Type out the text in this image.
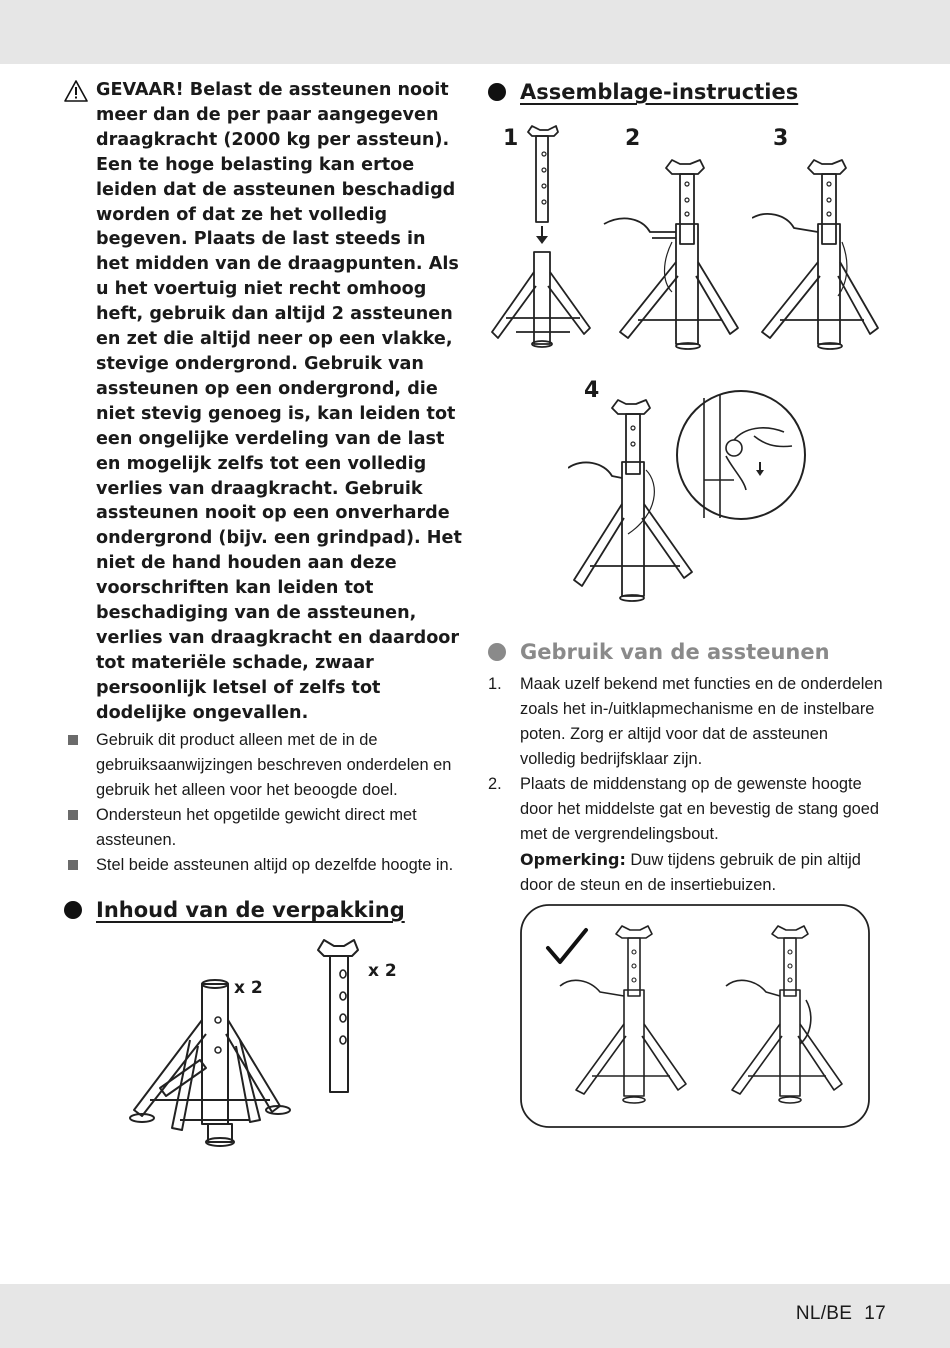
GEVAAR! Belast de assteunen nooit meer dan de per paar aangegeven draagkracht (2000 kg per assteun). Een te hoge belasting kan ertoe leiden dat de assteunen beschadigd worden of dat ze het volledig begeven. Plaats de last steeds in het midden van de draagpunten. Als u het voertuig niet recht omhoog heft, gebruik dan altijd 2 assteunen en zet die altijd neer op een vlakke, stevige ondergrond. Gebruik van assteunen op een ondergrond, die niet stevig genoeg is, kan leiden tot een ongelijke verdeling van de last en mogelijk zelfs tot een volledig verlies van draagkracht. Gebruik assteunen nooit op een onverharde ondergrond (bijv. een grindpad). Het niet de hand houden aan deze voorschriften kan leiden tot beschadiging van de assteunen, verlies van draagkracht en daardoor tot materiële schade, zwaar persoonlijk letsel of zelfs tot dodelijke ongevallen.
Gebruik dit product alleen met de in de gebruiksaanwijzingen beschreven onderdelen en gebruik het alleen voor het beoogde doel.
Ondersteun het opgetilde gewicht direct met assteunen.
Stel beide assteunen altijd op dezelfde hoogte in.
Inhoud van de verpakking
x 2
x 2
Assemblage-instructies
1	2	3
4
Gebruik van de assteunen
1. Maak uzelf bekend met functies en de onderdelen zoals het in-/uitklapmechanisme en de instelbare poten. Zorg er altijd voor dat de assteunen volledig bedrijfsklaar zijn.
2. Plaats de middenstang op de gewenste hoogte door het middelste gat en bevestig de stang goed met de vergrendelingsbout.
Opmerking: Duw tijdens gebruik de pin altijd door de steun en de insertiebuizen.
NL/BE 17
